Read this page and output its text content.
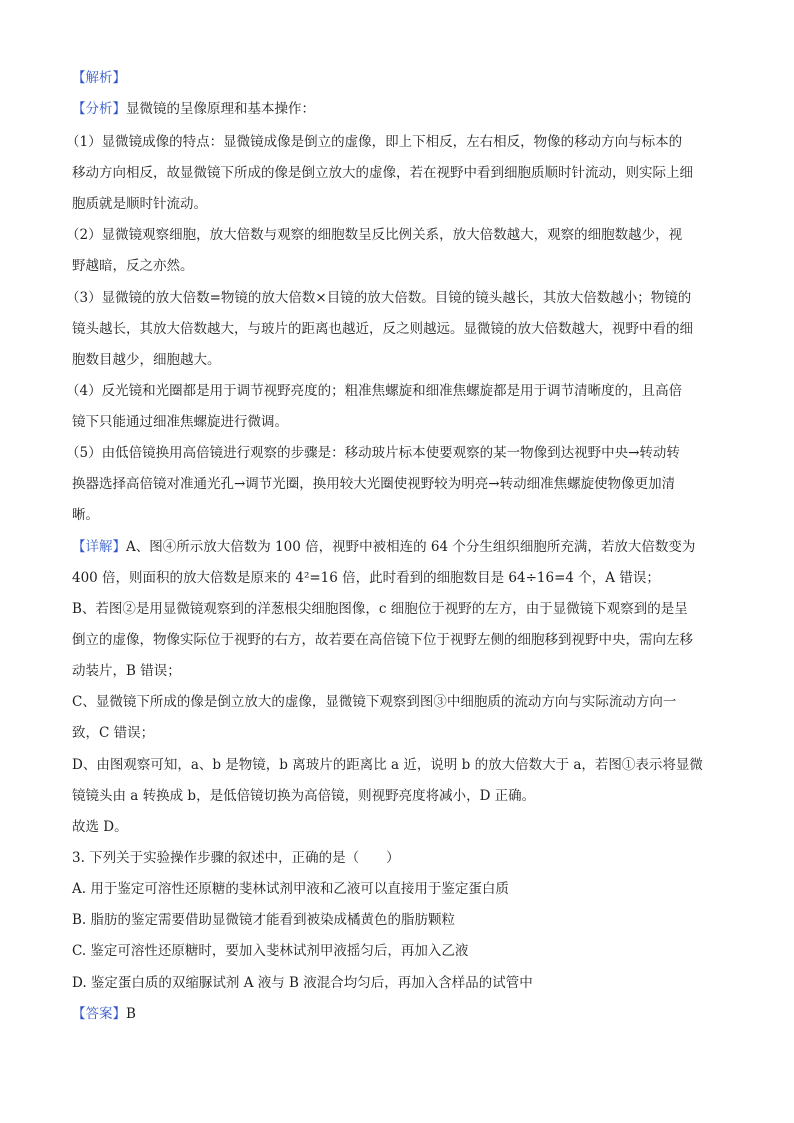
【解析】
【分析】显微镜的呈像原理和基本操作：
（1）显微镜成像的特点：显微镜成像是倒立的虚像，即上下相反，左右相反，物像的移动方向与标本的
移动方向相反，故显微镜下所成的像是倒立放大的虚像，若在视野中看到细胞质顺时针流动，则实际上细
胞质就是顺时针流动。
（2）显微镜观察细胞，放大倍数与观察的细胞数呈反比例关系，放大倍数越大，观察的细胞数越少，视
野越暗，反之亦然。
（3）显微镜的放大倍数=物镜的放大倍数×目镜的放大倍数。目镜的镜头越长，其放大倍数越小；物镜的
镜头越长，其放大倍数越大，与玻片的距离也越近，反之则越远。显微镜的放大倍数越大，视野中看的细
胞数目越少，细胞越大。
（4）反光镜和光圈都是用于调节视野亮度的；粗准焦螺旋和细准焦螺旋都是用于调节清晰度的，且高倍
镜下只能通过细准焦螺旋进行微调。
（5）由低倍镜换用高倍镜进行观察的步骤是：移动玻片标本使要观察的某一物像到达视野中央→转动转
换器选择高倍镜对准通光孔→调节光圈，换用较大光圈使视野较为明亮→转动细准焦螺旋使物像更加清
晰。
【详解】A、图④所示放大倍数为 100 倍，视野中被相连的 64 个分生组织细胞所充满，若放大倍数变为
400 倍，则面积的放大倍数是原来的 4²=16 倍，此时看到的细胞数目是 64÷16=4 个，A 错误；
B、若图②是用显微镜观察到的洋葱根尖细胞图像，c 细胞位于视野的左方，由于显微镜下观察到的是呈
倒立的虚像，物像实际位于视野的右方，故若要在高倍镜下位于视野左侧的细胞移到视野中央，需向左移
动装片，B 错误；
C、显微镜下所成的像是倒立放大的虚像，显微镜下观察到图③中细胞质的流动方向与实际流动方向一
致，C 错误；
D、由图观察可知，a、b 是物镜，b 离玻片的距离比 a 近，说明 b 的放大倍数大于 a，若图①表示将显微
镜镜头由 a 转换成 b，是低倍镜切换为高倍镜，则视野亮度将减小，D 正确。
故选 D。
3. 下列关于实验操作步骤的叙述中，正确的是（　　）
A. 用于鉴定可溶性还原糖的斐林试剂甲液和乙液可以直接用于鉴定蛋白质
B. 脂肪的鉴定需要借助显微镜才能看到被染成橘黄色的脂肪颗粒
C. 鉴定可溶性还原糖时，要加入斐林试剂甲液摇匀后，再加入乙液
D. 鉴定蛋白质的双缩脲试剂 A 液与 B 液混合均匀后，再加入含样品的试管中
【答案】B
